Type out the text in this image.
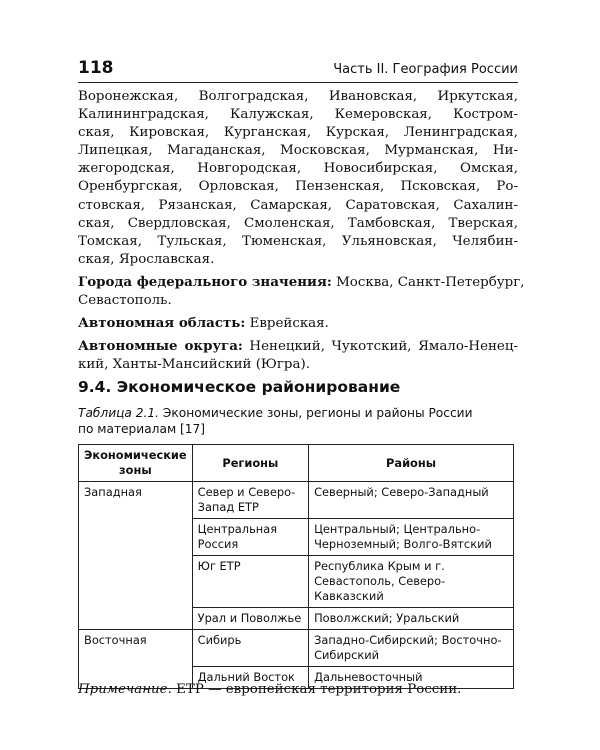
118	Часть II. География России

Воронежская, Волгоградская, Ивановская, Иркутская,
Калининградская, Калужская, Кемеровская, Костром-
ская, Кировская, Курганская, Курская, Ленинградская,
Липецкая, Магаданская, Московская, Мурманская, Ни-
жегородская, Новгородская, Новосибирская, Омская,
Оренбургская, Орловская, Пензенская, Псковская, Ро-
стовская, Рязанская, Самарская, Саратовская, Сахалин-
ская, Свердловская, Смоленская, Тамбовская, Тверская,
Томская, Тульская, Тюменская, Ульяновская, Челябин-
ская, Ярославская.

Города федерального значения: Москва, Санкт-Петербург,
Севастополь.

Автономная область: Еврейская.

Автономные округа: Ненецкий, Чукотский, Ямало-Ненец-
кий, Ханты-Мансийский (Югра).

9.4. Экономическое районирование
Таблица 2.1. Экономические зоны, регионы и районы России
по материалам [17]
Экономические зоны	Регионы	Районы
Западная	Север и Северо-Запад ЕТР	Северный; Северо-Западный
	Центральная Россия	Центральный; Центрально-Черноземный; Волго-Вятский
	Юг ЕТР	Республика Крым и г. Севастополь, Северо-Кавказский
	Урал и Поволжье	Поволжский; Уральский
Восточная	Сибирь	Западно-Сибирский; Восточно-Сибирский
	Дальний Восток	Дальневосточный
Примечание. ЕТР — европейская территория России.
